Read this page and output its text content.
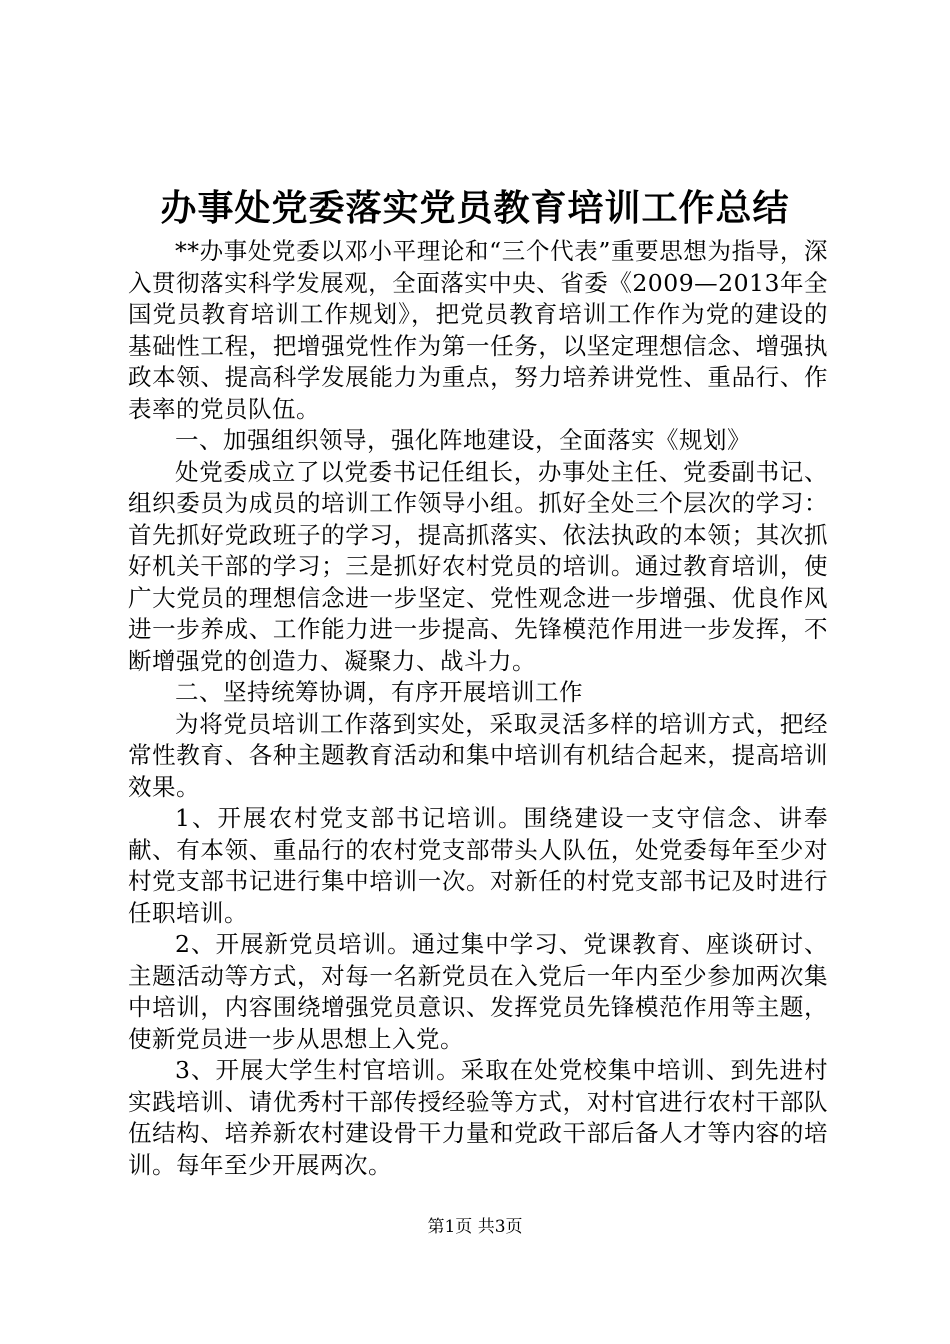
办事处党委落实党员教育培训工作总结

**办事处党委以邓小平理论和“三个代表”重要思想为指导，深入贯彻落实科学发展观，全面落实中央、省委《2009—2013年全国党员教育培训工作规划》，把党员教育培训工作作为党的建设的基础性工程，把增强党性作为第一任务，以坚定理想信念、增强执政本领、提高科学发展能力为重点，努力培养讲党性、重品行、作表率的党员队伍。

一、加强组织领导，强化阵地建设，全面落实《规划》

处党委成立了以党委书记任组长，办事处主任、党委副书记、组织委员为成员的培训工作领导小组。抓好全处三个层次的学习：首先抓好党政班子的学习，提高抓落实、依法执政的本领；其次抓好机关干部的学习；三是抓好农村党员的培训。通过教育培训，使广大党员的理想信念进一步坚定、党性观念进一步增强、优良作风进一步养成、工作能力进一步提高、先锋模范作用进一步发挥，不断增强党的创造力、凝聚力、战斗力。

二、坚持统筹协调，有序开展培训工作

为将党员培训工作落到实处，采取灵活多样的培训方式，把经常性教育、各种主题教育活动和集中培训有机结合起来，提高培训效果。

1、开展农村党支部书记培训。围绕建设一支守信念、讲奉献、有本领、重品行的农村党支部带头人队伍，处党委每年至少对村党支部书记进行集中培训一次。对新任的村党支部书记及时进行任职培训。

2、开展新党员培训。通过集中学习、党课教育、座谈研讨、主题活动等方式，对每一名新党员在入党后一年内至少参加两次集中培训，内容围绕增强党员意识、发挥党员先锋模范作用等主题，使新党员进一步从思想上入党。

3、开展大学生村官培训。采取在处党校集中培训、到先进村实践培训、请优秀村干部传授经验等方式，对村官进行农村干部队伍结构、培养新农村建设骨干力量和党政干部后备人才等内容的培训。每年至少开展两次。

第1页 共3页
